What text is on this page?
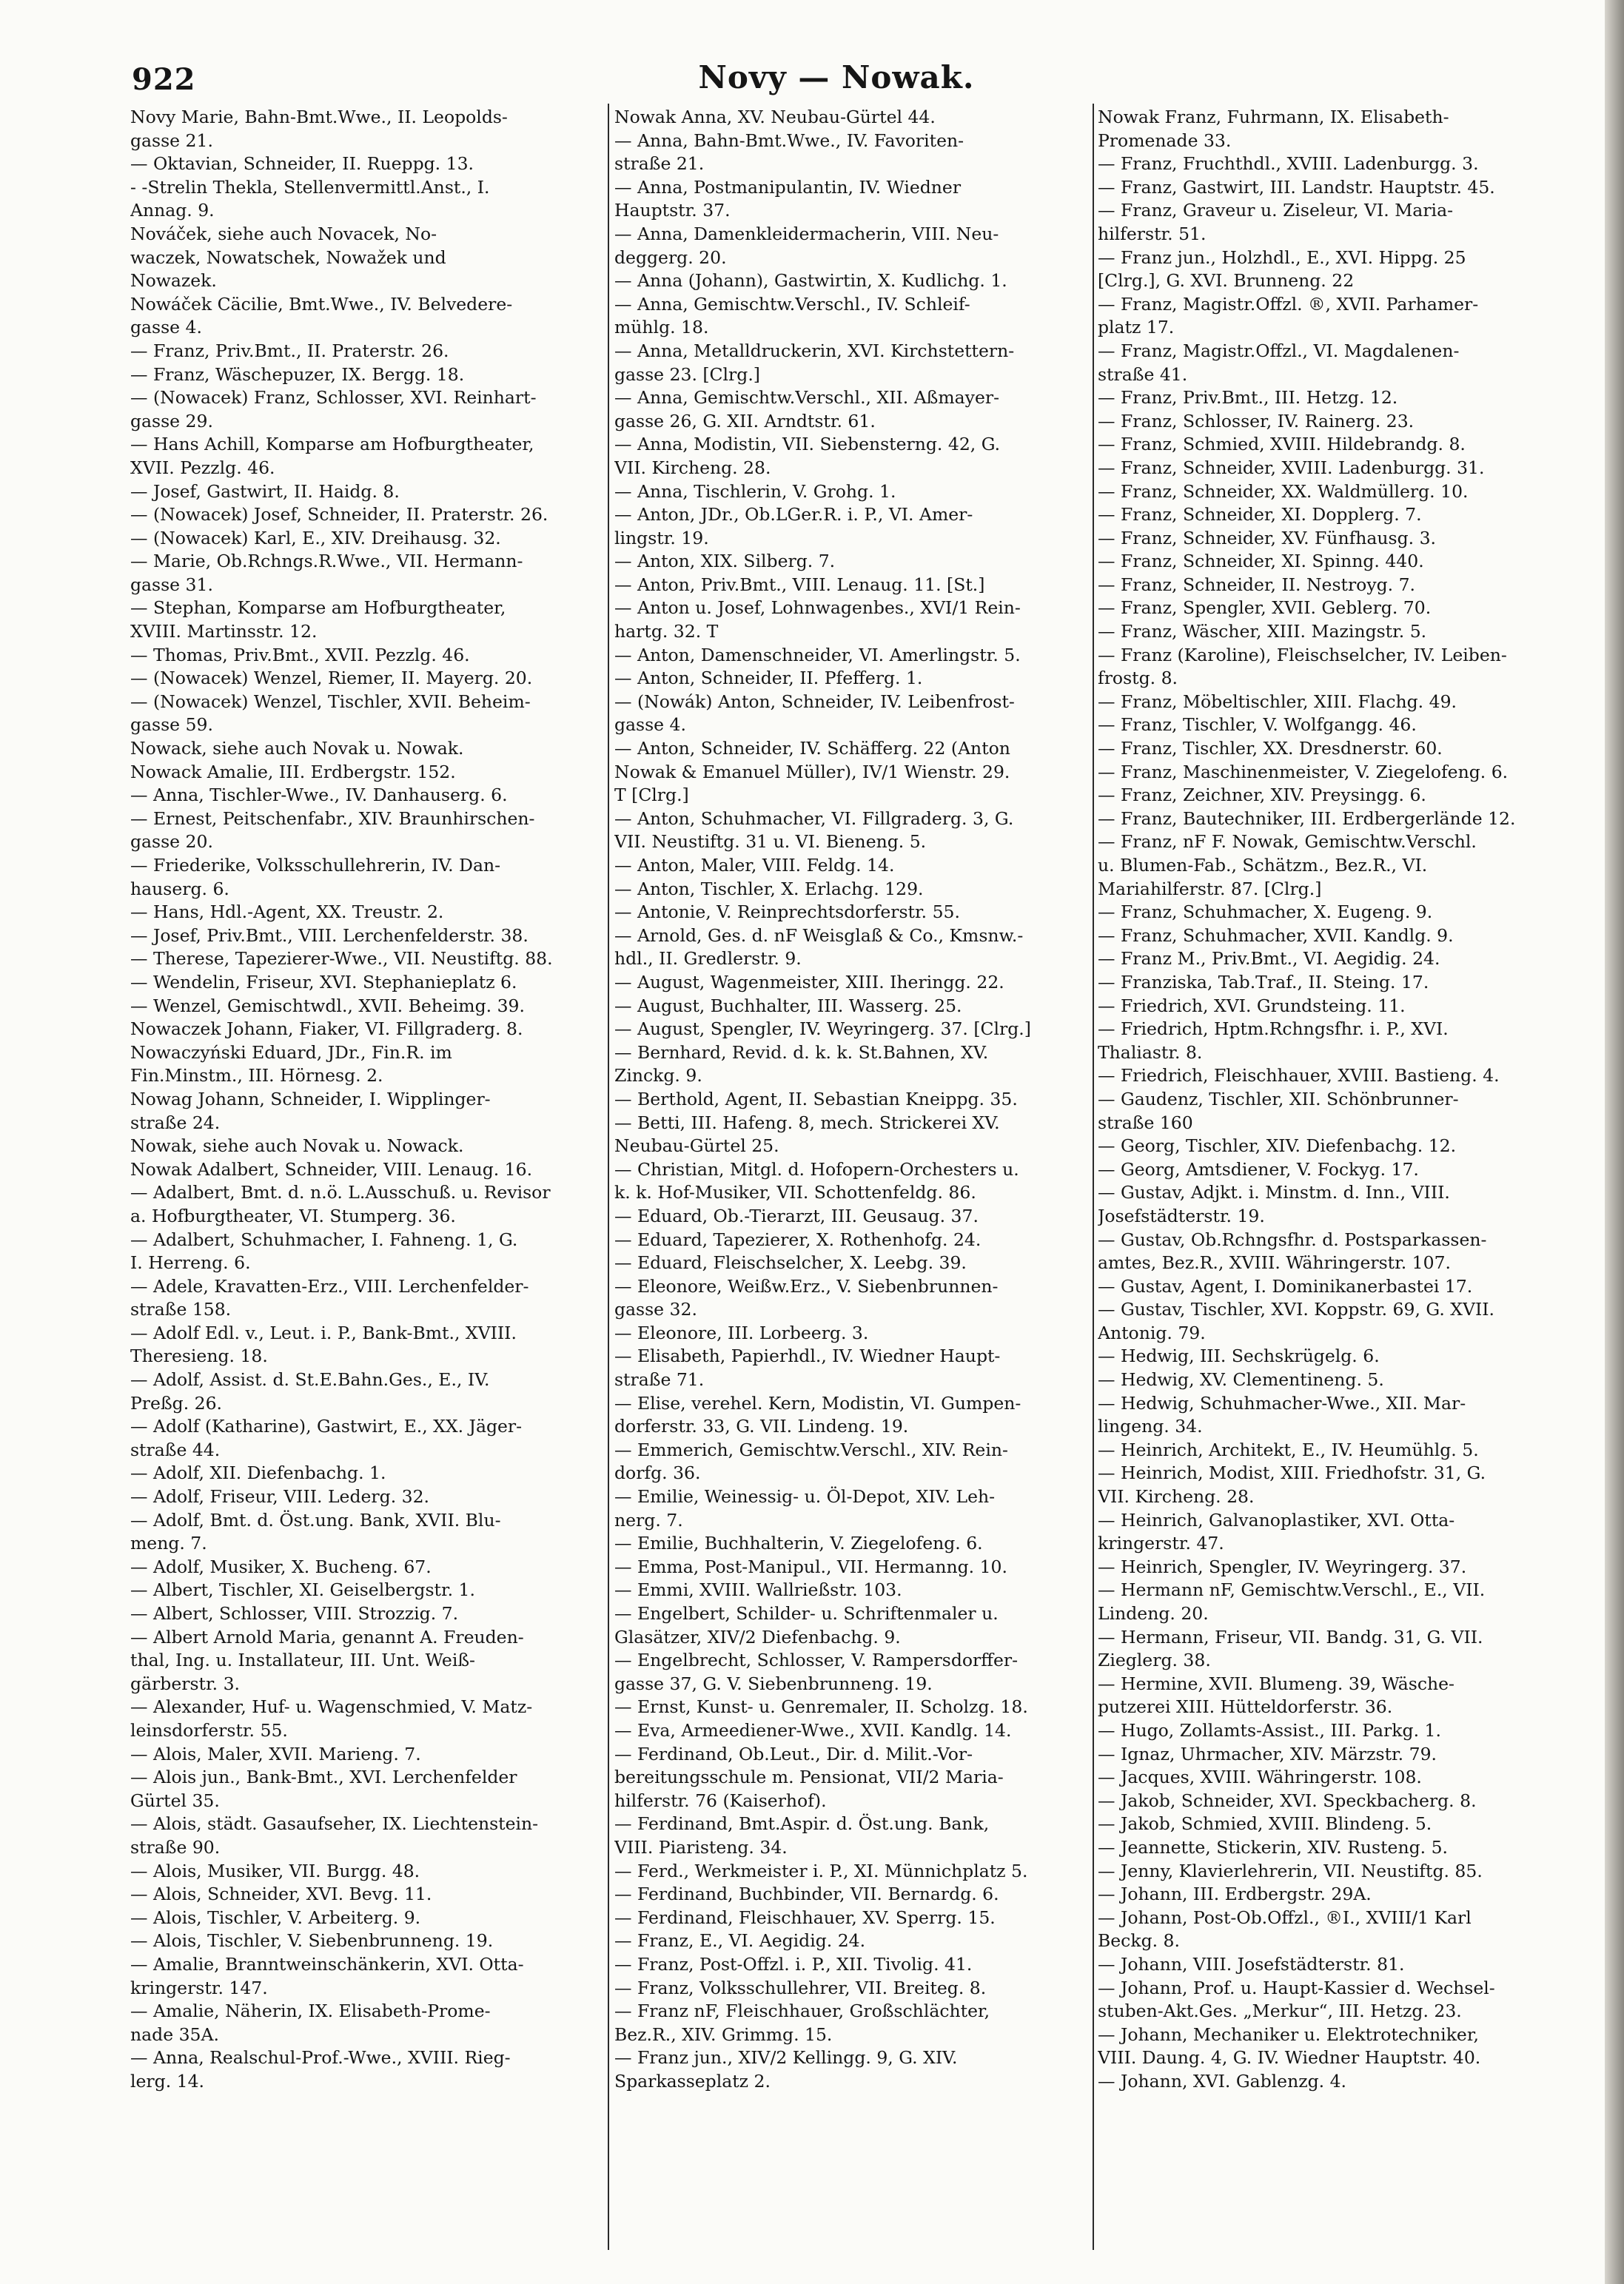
922	Novy — Nowak.
Novy Marie, Bahn-Bmt.Wwe., II. Leopolds-
gasse 21.
— Oktavian, Schneider, II. Rueppg. 13.
- -Strelin Thekla, Stellenvermittl.Anst., I.
Annag. 9.
Nováček, siehe auch Novacek, No-
waczek, Nowatschek, Nowažek und
Nowazek.
Nowáček Cäcilie, Bmt.Wwe., IV. Belvedere-
gasse 4.
— Franz, Priv.Bmt., II. Praterstr. 26.
— Franz, Wäschepuzer, IX. Bergg. 18.
— (Nowacek) Franz, Schlosser, XVI. Reinhart-
gasse 29.
— Hans Achill, Komparse am Hofburgtheater,
XVII. Pezzlg. 46.
— Josef, Gastwirt, II. Haidg. 8.
— (Nowacek) Josef, Schneider, II. Praterstr. 26.
— (Nowacek) Karl, E., XIV. Dreihausg. 32.
— Marie, Ob.Rchngs.R.Wwe., VII. Hermann-
gasse 31.
— Stephan, Komparse am Hofburgtheater,
XVIII. Martinsstr. 12.
— Thomas, Priv.Bmt., XVII. Pezzlg. 46.
— (Nowacek) Wenzel, Riemer, II. Mayerg. 20.
— (Nowacek) Wenzel, Tischler, XVII. Beheim-
gasse 59.
Nowack, siehe auch Novak u. Nowak.
Nowack Amalie, III. Erdbergstr. 152.
— Anna, Tischler-Wwe., IV. Danhauserg. 6.
— Ernest, Peitschenfabr., XIV. Braunhirschen-
gasse 20.
— Friederike, Volksschullehrerin, IV. Dan-
hauserg. 6.
— Hans, Hdl.-Agent, XX. Treustr. 2.
— Josef, Priv.Bmt., VIII. Lerchenfelderstr. 38.
— Therese, Tapezierer-Wwe., VII. Neustiftg. 88.
— Wendelin, Friseur, XVI. Stephanieplatz 6.
— Wenzel, Gemischtwdl., XVII. Beheimg. 39.
Nowaczek Johann, Fiaker, VI. Fillgraderg. 8.
Nowaczyński Eduard, JDr., Fin.R. im
Fin.Minstm., III. Hörnesg. 2.
Nowag Johann, Schneider, I. Wipplinger-
straße 24.
Nowak, siehe auch Novak u. Nowack.
Nowak Adalbert, Schneider, VIII. Lenaug. 16.
— Adalbert, Bmt. d. n.ö. L.Ausschuß. u. Revisor
a. Hofburgtheater, VI. Stumperg. 36.
— Adalbert, Schuhmacher, I. Fahneng. 1, G.
I. Herreng. 6.
— Adele, Kravatten-Erz., VIII. Lerchenfelder-
straße 158.
— Adolf Edl. v., Leut. i. P., Bank-Bmt., XVIII.
Theresieng. 18.
— Adolf, Assist. d. St.E.Bahn.Ges., E., IV.
Preßg. 26.
— Adolf (Katharine), Gastwirt, E., XX. Jäger-
straße 44.
— Adolf, XII. Diefenbachg. 1.
— Adolf, Friseur, VIII. Lederg. 32.
— Adolf, Bmt. d. Öst.ung. Bank, XVII. Blu-
meng. 7.
— Adolf, Musiker, X. Bucheng. 67.
— Albert, Tischler, XI. Geiselbergstr. 1.
— Albert, Schlosser, VIII. Strozzig. 7.
— Albert Arnold Maria, genannt A. Freuden-
thal, Ing. u. Installateur, III. Unt. Weiß-
gärberstr. 3.
— Alexander, Huf- u. Wagenschmied, V. Matz-
leinsdorferstr. 55.
— Alois, Maler, XVII. Marieng. 7.
— Alois jun., Bank-Bmt., XVI. Lerchenfelder
Gürtel 35.
— Alois, städt. Gasaufseher, IX. Liechtenstein-
straße 90.
— Alois, Musiker, VII. Burgg. 48.
— Alois, Schneider, XVI. Bevg. 11.
— Alois, Tischler, V. Arbeiterg. 9.
— Alois, Tischler, V. Siebenbrunneng. 19.
— Amalie, Branntweinschänkerin, XVI. Otta-
kringerstr. 147.
— Amalie, Näherin, IX. Elisabeth-Prome-
nade 35A.
— Anna, Realschul-Prof.-Wwe., XVIII. Rieg-
lerg. 14.
Nowak Anna, XV. Neubau-Gürtel 44.
— Anna, Bahn-Bmt.Wwe., IV. Favoriten-
straße 21.
— Anna, Postmanipulantin, IV. Wiedner
Hauptstr. 37.
— Anna, Damenkleidermacherin, VIII. Neu-
deggerg. 20.
— Anna (Johann), Gastwirtin, X. Kudlichg. 1.
— Anna, Gemischtw.Verschl., IV. Schleif-
mühlg. 18.
— Anna, Metalldruckerin, XVI. Kirchstettern-
gasse 23. [Clrg.]
— Anna, Gemischtw.Verschl., XII. Aßmayer-
gasse 26, G. XII. Arndtstr. 61.
— Anna, Modistin, VII. Siebensterng. 42, G.
VII. Kircheng. 28.
— Anna, Tischlerin, V. Grohg. 1.
— Anton, JDr., Ob.LGer.R. i. P., VI. Amer-
lingstr. 19.
— Anton, XIX. Silberg. 7.
— Anton, Priv.Bmt., VIII. Lenaug. 11. [St.]
— Anton u. Josef, Lohnwagenbes., XVI/1 Rein-
hartg. 32. T
— Anton, Damenschneider, VI. Amerlingstr. 5.
— Anton, Schneider, II. Pfefferg. 1.
— (Nowák) Anton, Schneider, IV. Leibenfrost-
gasse 4.
— Anton, Schneider, IV. Schäfferg. 22 (Anton
Nowak & Emanuel Müller), IV/1 Wienstr. 29.
T [Clrg.]
— Anton, Schuhmacher, VI. Fillgraderg. 3, G.
VII. Neustiftg. 31 u. VI. Bieneng. 5.
— Anton, Maler, VIII. Feldg. 14.
— Anton, Tischler, X. Erlachg. 129.
— Antonie, V. Reinprechtsdorferstr. 55.
— Arnold, Ges. d. nF Weisglaß & Co., Kmsnw.-
hdl., II. Gredlerstr. 9.
— August, Wagenmeister, XIII. Iheringg. 22.
— August, Buchhalter, III. Wasserg. 25.
— August, Spengler, IV. Weyringerg. 37. [Clrg.]
— Bernhard, Revid. d. k. k. St.Bahnen, XV.
Zinckg. 9.
— Berthold, Agent, II. Sebastian Kneippg. 35.
— Betti, III. Hafeng. 8, mech. Strickerei XV.
Neubau-Gürtel 25.
— Christian, Mitgl. d. Hofopern-Orchesters u.
k. k. Hof-Musiker, VII. Schottenfeldg. 86.
— Eduard, Ob.-Tierarzt, III. Geusaug. 37.
— Eduard, Tapezierer, X. Rothenhofg. 24.
— Eduard, Fleischselcher, X. Leebg. 39.
— Eleonore, Weißw.Erz., V. Siebenbrunnen-
gasse 32.
— Eleonore, III. Lorbeerg. 3.
— Elisabeth, Papierhdl., IV. Wiedner Haupt-
straße 71.
— Elise, verehel. Kern, Modistin, VI. Gumpen-
dorferstr. 33, G. VII. Lindeng. 19.
— Emmerich, Gemischtw.Verschl., XIV. Rein-
dorfg. 36.
— Emilie, Weinessig- u. Öl-Depot, XIV. Leh-
nerg. 7.
— Emilie, Buchhalterin, V. Ziegelofeng. 6.
— Emma, Post-Manipul., VII. Hermanng. 10.
— Emmi, XVIII. Wallrießstr. 103.
— Engelbert, Schilder- u. Schriftenmaler u.
Glasätzer, XIV/2 Diefenbachg. 9.
— Engelbrecht, Schlosser, V. Rampersdorffer-
gasse 37, G. V. Siebenbrunneng. 19.
— Ernst, Kunst- u. Genremaler, II. Scholzg. 18.
— Eva, Armeediener-Wwe., XVII. Kandlg. 14.
— Ferdinand, Ob.Leut., Dir. d. Milit.-Vor-
bereitungsschule m. Pensionat, VII/2 Maria-
hilferstr. 76 (Kaiserhof).
— Ferdinand, Bmt.Aspir. d. Öst.ung. Bank,
VIII. Piaristeng. 34.
— Ferd., Werkmeister i. P., XI. Münnichplatz 5.
— Ferdinand, Buchbinder, VII. Bernardg. 6.
— Ferdinand, Fleischhauer, XV. Sperrg. 15.
— Franz, E., VI. Aegidig. 24.
— Franz, Post-Offzl. i. P., XII. Tivolig. 41.
— Franz, Volksschullehrer, VII. Breiteg. 8.
— Franz nF, Fleischhauer, Großschlächter,
Bez.R., XIV. Grimmg. 15.
— Franz jun., XIV/2 Kellingg. 9, G. XIV.
Sparkasseplatz 2.
Nowak Franz, Fuhrmann, IX. Elisabeth-
Promenade 33.
— Franz, Fruchthdl., XVIII. Ladenburgg. 3.
— Franz, Gastwirt, III. Landstr. Hauptstr. 45.
— Franz, Graveur u. Ziseleur, VI. Maria-
hilferstr. 51.
— Franz jun., Holzhdl., E., XVI. Hippg. 25
[Clrg.], G. XVI. Brunneng. 22
— Franz, Magistr.Offzl. ®, XVII. Parhamer-
platz 17.
— Franz, Magistr.Offzl., VI. Magdalenen-
straße 41.
— Franz, Priv.Bmt., III. Hetzg. 12.
— Franz, Schlosser, IV. Rainerg. 23.
— Franz, Schmied, XVIII. Hildebrandg. 8.
— Franz, Schneider, XVIII. Ladenburgg. 31.
— Franz, Schneider, XX. Waldmüllerg. 10.
— Franz, Schneider, XI. Dopplerg. 7.
— Franz, Schneider, XV. Fünfhausg. 3.
— Franz, Schneider, XI. Spinng. 440.
— Franz, Schneider, II. Nestroyg. 7.
— Franz, Spengler, XVII. Geblerg. 70.
— Franz, Wäscher, XIII. Mazingstr. 5.
— Franz (Karoline), Fleischselcher, IV. Leiben-
frostg. 8.
— Franz, Möbeltischler, XIII. Flachg. 49.
— Franz, Tischler, V. Wolfgangg. 46.
— Franz, Tischler, XX. Dresdnerstr. 60.
— Franz, Maschinenmeister, V. Ziegelofeng. 6.
— Franz, Zeichner, XIV. Preysingg. 6.
— Franz, Bautechniker, III. Erdbergerlände 12.
— Franz, nF F. Nowak, Gemischtw.Verschl.
u. Blumen-Fab., Schätzm., Bez.R., VI.
Mariahilferstr. 87. [Clrg.]
— Franz, Schuhmacher, X. Eugeng. 9.
— Franz, Schuhmacher, XVII. Kandlg. 9.
— Franz M., Priv.Bmt., VI. Aegidig. 24.
— Franziska, Tab.Traf., II. Steing. 17.
— Friedrich, XVI. Grundsteing. 11.
— Friedrich, Hptm.Rchngsfhr. i. P., XVI.
Thaliastr. 8.
— Friedrich, Fleischhauer, XVIII. Bastieng. 4.
— Gaudenz, Tischler, XII. Schönbrunner-
straße 160
— Georg, Tischler, XIV. Diefenbachg. 12.
— Georg, Amtsdiener, V. Fockyg. 17.
— Gustav, Adjkt. i. Minstm. d. Inn., VIII.
Josefstädterstr. 19.
— Gustav, Ob.Rchngsfhr. d. Postsparkassen-
amtes, Bez.R., XVIII. Währingerstr. 107.
— Gustav, Agent, I. Dominikanerbastei 17.
— Gustav, Tischler, XVI. Koppstr. 69, G. XVII.
Antonig. 79.
— Hedwig, III. Sechskrügelg. 6.
— Hedwig, XV. Clementineng. 5.
— Hedwig, Schuhmacher-Wwe., XII. Mar-
lingeng. 34.
— Heinrich, Architekt, E., IV. Heumühlg. 5.
— Heinrich, Modist, XIII. Friedhofstr. 31, G.
VII. Kircheng. 28.
— Heinrich, Galvanoplastiker, XVI. Otta-
kringerstr. 47.
— Heinrich, Spengler, IV. Weyringerg. 37.
— Hermann nF, Gemischtw.Verschl., E., VII.
Lindeng. 20.
— Hermann, Friseur, VII. Bandg. 31, G. VII.
Zieglerg. 38.
— Hermine, XVII. Blumeng. 39, Wäsche-
putzerei XIII. Hütteldorferstr. 36.
— Hugo, Zollamts-Assist., III. Parkg. 1.
— Ignaz, Uhrmacher, XIV. Märzstr. 79.
— Jacques, XVIII. Währingerstr. 108.
— Jakob, Schneider, XVI. Speckbacherg. 8.
— Jakob, Schmied, XVIII. Blindeng. 5.
— Jeannette, Stickerin, XIV. Rusteng. 5.
— Jenny, Klavierlehrerin, VII. Neustiftg. 85.
— Johann, III. Erdbergstr. 29A.
— Johann, Post-Ob.Offzl., ®I., XVIII/1 Karl
Beckg. 8.
— Johann, VIII. Josefstädterstr. 81.
— Johann, Prof. u. Haupt-Kassier d. Wechsel-
stuben-Akt.Ges. „Merkur“, III. Hetzg. 23.
— Johann, Mechaniker u. Elektrotechniker,
VIII. Daung. 4, G. IV. Wiedner Hauptstr. 40.
— Johann, XVI. Gablenzg. 4.
